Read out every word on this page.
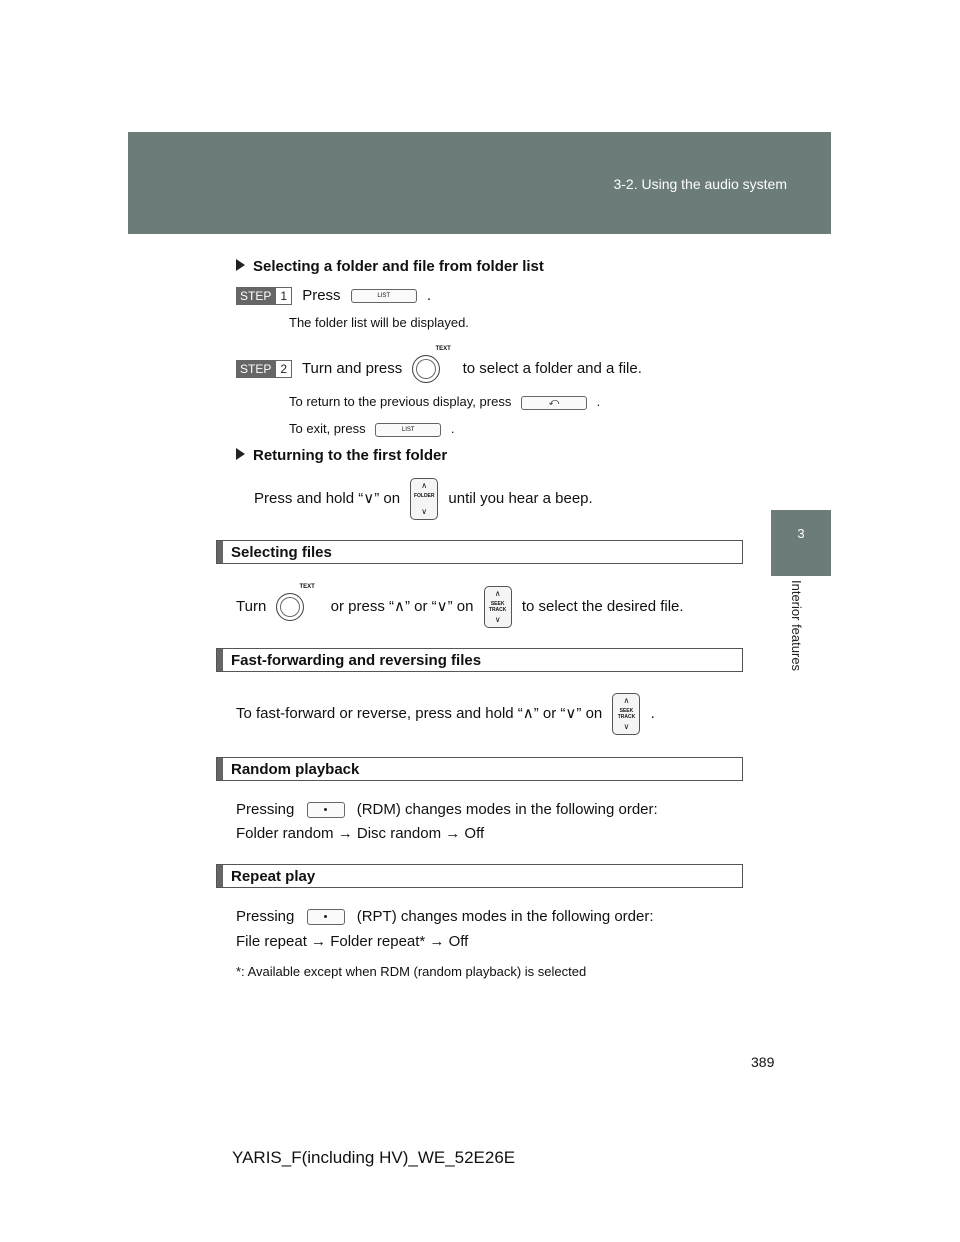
3-2. Using the audio system
3
Interior features
Selecting a folder and file from folder list
STEP 1 Press	LIST	.
The folder list will be displayed.
STEP 2 Turn and press
TEXT
to select a folder and a file.
To return to the previous display, press	⤺	.
To exit, press	LIST	.
Returning to the first folder
Press and hold “∨” on
∧
FOLDER
∨
until you hear a beep.
Selecting files
Turn
TEXT
or press “∧” or “∨” on
∧
SEEK
TRACK
∨
to select the desired file.
Fast-forwarding and reversing files
To fast-forward or reverse, press and hold “∧” or “∨” on
∧
SEEK
TRACK
∨
.
Random playback
Pressing	(RDM) changes modes in the following order:
Folder random → Disc random → Off
Repeat play
Pressing	(RPT) changes modes in the following order:
File repeat → Folder repeat* → Off
*: Available except when RDM (random playback) is selected
389
YARIS_F(including HV)_WE_52E26E
